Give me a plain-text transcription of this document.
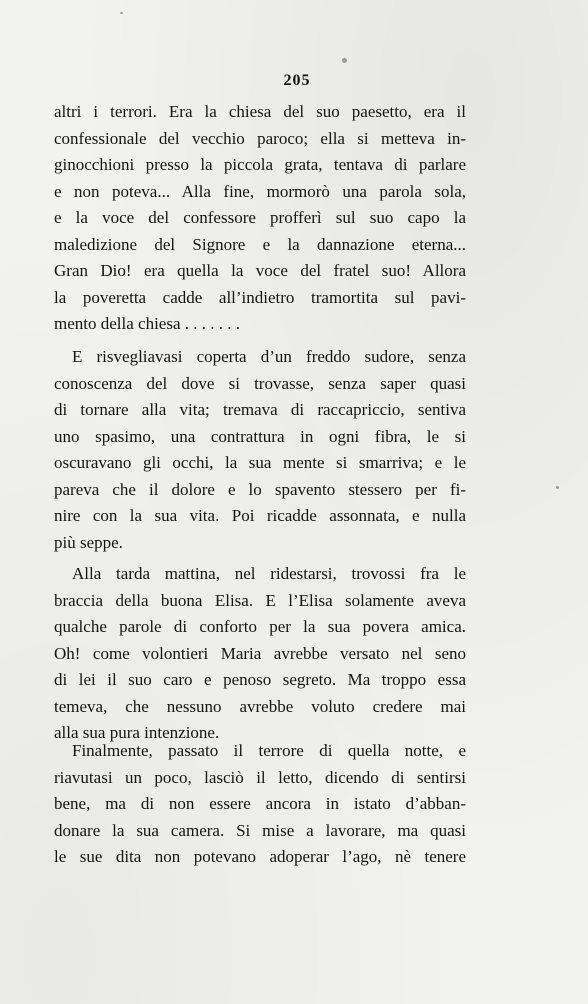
205
altri i terrori. Era la chiesa del suo paesetto, era il
confessionale del vecchio paroco; ella si metteva in-
ginocchioni presso la piccola grata, tentava di parlare
e non poteva... Alla fine, mormorò una parola sola,
e la voce del confessore profferì sul suo capo la
maledizione del Signore e la dannazione eterna...
Gran Dio! era quella la voce del fratel suo! Allora
la poveretta cadde all’indietro tramortita sul pavi-
mento della chiesa . . . . . . .
E risvegliavasi coperta d’un freddo sudore, senza
conoscenza del dove si trovasse, senza saper quasi
di tornare alla vita; tremava di raccapriccio, sentiva
uno spasimo, una contrattura in ogni fibra, le si
oscuravano gli occhi, la sua mente si smarriva; e le
pareva che il dolore e lo spavento stessero per fi-
nire con la sua vita. Poi ricadde assonnata, e nulla
più seppe.
Alla tarda mattina, nel ridestarsi, trovossi fra le
braccia della buona Elisa. E l’Elisa solamente aveva
qualche parole di conforto per la sua povera amica.
Oh! come volontieri Maria avrebbe versato nel seno
di lei il suo caro e penoso segreto. Ma troppo essa
temeva, che nessuno avrebbe voluto credere mai
alla sua pura intenzione.
Finalmente, passato il terrore di quella notte, e
riavutasi un poco, lasciò il letto, dicendo di sentirsi
bene, ma di non essere ancora in istato d’abban-
donare la sua camera. Si mise a lavorare, ma quasi
le sue dita non potevano adoperar l’ago, nè tenere
